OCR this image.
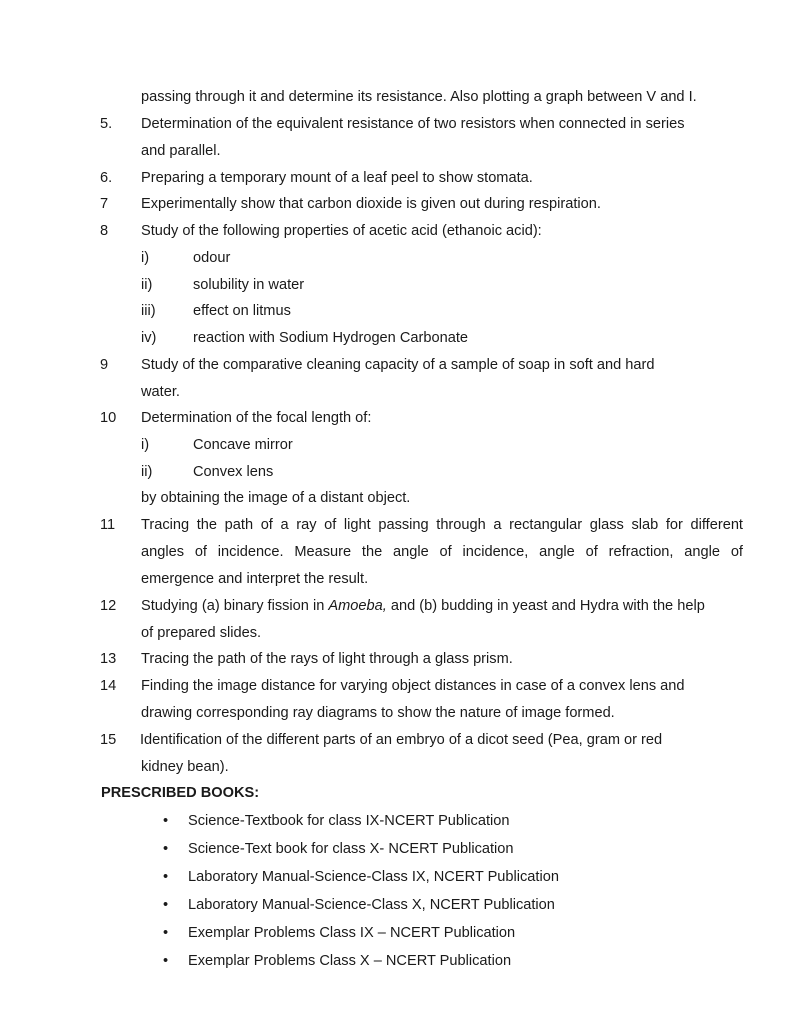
passing through it and determine its resistance. Also plotting a graph between V and I.
5. Determination of the equivalent resistance of two resistors when connected in series
and parallel.
6. Preparing a temporary mount of a leaf peel to show stomata.
7 Experimentally show that carbon dioxide is given out during respiration.
8 Study of the following properties of acetic acid (ethanoic acid):
i)	odour
ii)	solubility in water
iii)	effect on litmus
iv)	reaction with Sodium Hydrogen Carbonate
9 Study of the comparative cleaning capacity of a sample of soap in soft and hard
water.
10 Determination of the focal length of:
i)	Concave mirror
ii)	Convex lens
by obtaining the image of a distant object.
11 Tracing the path of a ray of light passing through a rectangular glass slab for different
angles of incidence. Measure the angle of incidence, angle of refraction, angle of
emergence and interpret the result.
12 Studying (a) binary fission in Amoeba, and (b) budding in yeast and Hydra with the help
of prepared slides.
13 Tracing the path of the rays of light through a glass prism.
14 Finding the image distance for varying object distances in case of a convex lens and
drawing corresponding ray diagrams to show the nature of image formed.
15 Identification of the different parts of an embryo of a dicot seed (Pea, gram or red
kidney bean).
PRESCRIBED BOOKS:
• Science-Textbook for class IX-NCERT Publication
• Science-Text book for class X- NCERT Publication
• Laboratory Manual-Science-Class IX, NCERT Publication
• Laboratory Manual-Science-Class X, NCERT Publication
• Exemplar Problems Class IX – NCERT Publication
• Exemplar Problems Class X – NCERT Publication
